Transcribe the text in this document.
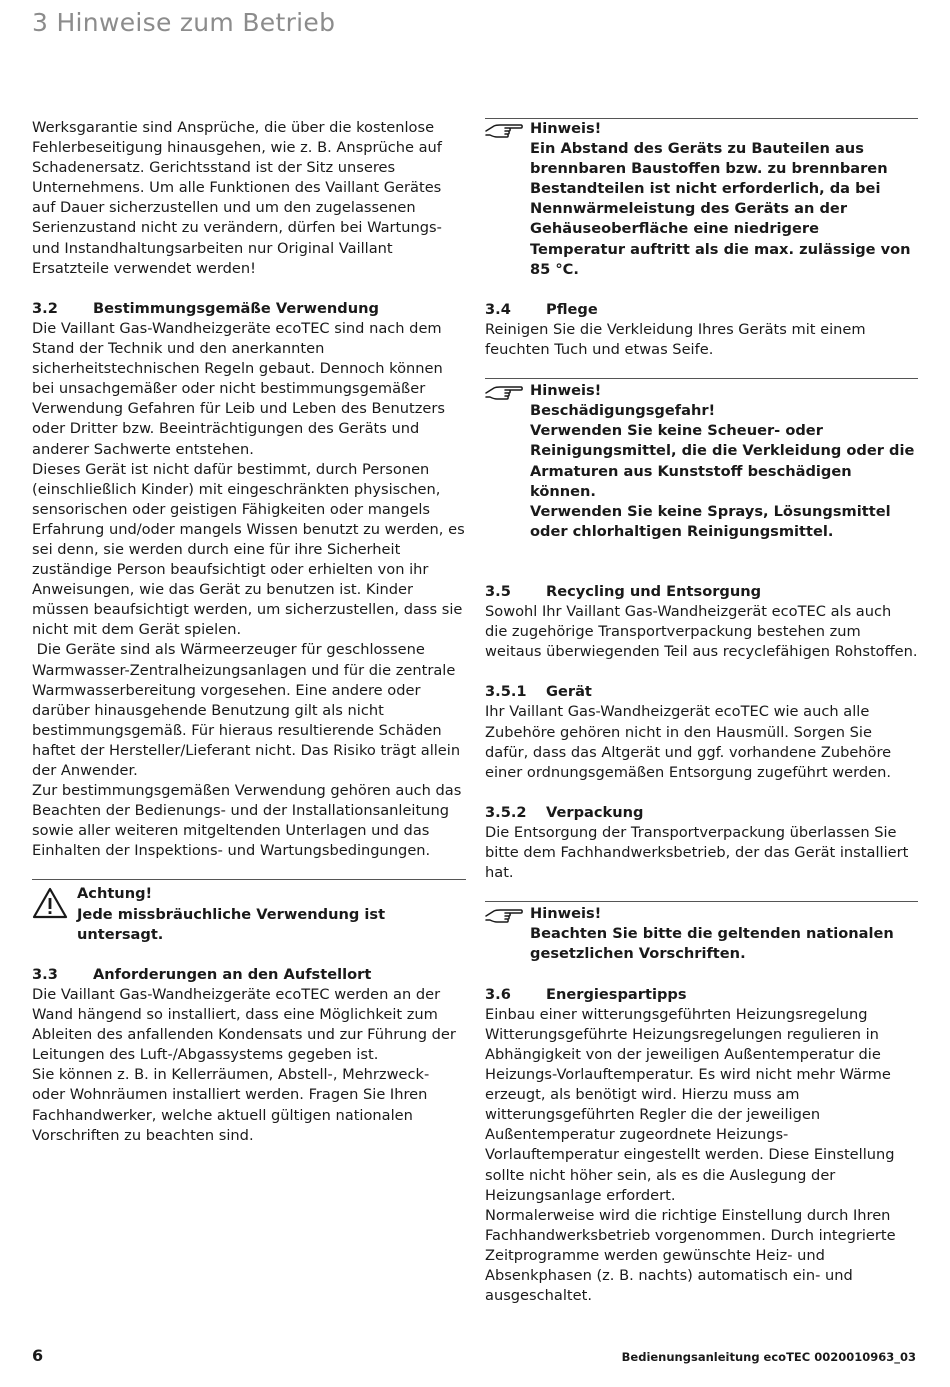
3 Hinweise zum Betrieb

Werksgarantie sind Ansprüche, die über die kostenlose Fehlerbeseitigung hinausgehen, wie z. B. Ansprüche auf Schadenersatz. Gerichtsstand ist der Sitz unseres Unternehmens. Um alle Funktionen des Vaillant Gerätes auf Dauer sicherzustellen und um den zugelassenen Serienzustand nicht zu verändern, dürfen bei Wartungs- und Instandhaltungsarbeiten nur Original Vaillant Ersatzteile verwendet werden!

3.2	Bestimmungsgemäße Verwendung

Die Vaillant Gas-Wandheizgeräte ecoTEC sind nach dem Stand der Technik und den anerkannten sicherheitstechnischen Regeln gebaut. Dennoch können bei unsachgemäßer oder nicht bestimmungsgemäßer Verwendung Gefahren für Leib und Leben des Benutzers oder Dritter bzw. Beeinträchtigungen des Geräts und anderer Sachwerte entstehen.

Dieses Gerät ist nicht dafür bestimmt, durch Personen (einschließlich Kinder) mit eingeschränkten physischen, sensorischen oder geistigen Fähigkeiten oder mangels Erfahrung und/oder mangels Wissen benutzt zu werden, es sei denn, sie werden durch eine für ihre Sicherheit zuständige Person beaufsichtigt oder erhielten von ihr Anweisungen, wie das Gerät zu benutzen ist. Kinder müssen beaufsichtigt werden, um sicherzustellen, dass sie nicht mit dem Gerät spielen.

Die Geräte sind als Wärmeerzeuger für geschlossene Warmwasser-Zentralheizungsanlagen und für die zentrale Warmwasserbereitung vorgesehen. Eine andere oder darüber hinausgehende Benutzung gilt als nicht bestimmungsgemäß. Für hieraus resultierende Schäden haftet der Hersteller/Lieferant nicht. Das Risiko trägt allein der Anwender.

Zur bestimmungsgemäßen Verwendung gehören auch das Beachten der Bedienungs- und der Installationsanleitung sowie aller weiteren mitgeltenden Unterlagen und das Einhalten der Inspektions- und Wartungsbedingungen.

Achtung!
Jede missbräuchliche Verwendung ist untersagt.
3.3	Anforderungen an den Aufstellort

Die Vaillant Gas-Wandheizgeräte ecoTEC werden an der Wand hängend so installiert, dass eine Möglichkeit zum Ableiten des anfallenden Kondensats und zur Führung der Leitungen des Luft-/Abgassystems gegeben ist.

Sie können z. B. in Kellerräumen, Abstell-, Mehrzweck- oder Wohnräumen installiert werden. Fragen Sie Ihren Fachhandwerker, welche aktuell gültigen nationalen Vorschriften zu beachten sind.

Hinweis!
Ein Abstand des Geräts zu Bauteilen aus brennbaren Baustoffen bzw. zu brennbaren Bestandteilen ist nicht erforderlich, da bei Nennwärmeleistung des Geräts an der Gehäuseoberfläche eine niedrigere Temperatur auftritt als die max. zulässige von 85 °C.
3.4	Pflege

Reinigen Sie die Verkleidung Ihres Geräts mit einem feuchten Tuch und etwas Seife.

Hinweis!
Beschädigungsgefahr!
Verwenden Sie keine Scheuer- oder Reinigungsmittel, die die Verkleidung oder die Armaturen aus Kunststoff beschädigen können.
Verwenden Sie keine Sprays, Lösungsmittel oder chlorhaltigen Reinigungsmittel.
3.5	Recycling und Entsorgung

Sowohl Ihr Vaillant Gas-Wandheizgerät ecoTEC als auch die zugehörige Transportverpackung bestehen zum weitaus überwiegenden Teil aus recyclefähigen Rohstoffen.

3.5.1	Gerät

Ihr Vaillant Gas-Wandheizgerät ecoTEC wie auch alle Zubehöre gehören nicht in den Hausmüll. Sorgen Sie dafür, dass das Altgerät und ggf. vorhandene Zubehöre einer ordnungsgemäßen Entsorgung zugeführt werden.

3.5.2	Verpackung

Die Entsorgung der Transportverpackung überlassen Sie bitte dem Fachhandwerksbetrieb, der das Gerät installiert hat.

Hinweis!
Beachten Sie bitte die geltenden nationalen gesetzlichen Vorschriften.
3.6	Energiespartipps

Einbau einer witterungsgeführten Heizungsregelung

Witterungsgeführte Heizungsregelungen regulieren in Abhängigkeit von der jeweiligen Außentemperatur die Heizungs-Vorlauftemperatur. Es wird nicht mehr Wärme erzeugt, als benötigt wird. Hierzu muss am witterungsgeführten Regler die der jeweiligen Außentemperatur zugeordnete Heizungs-Vorlauftemperatur eingestellt werden. Diese Einstellung sollte nicht höher sein, als es die Auslegung der Heizungsanlage erfordert.

Normalerweise wird die richtige Einstellung durch Ihren Fachhandwerksbetrieb vorgenommen. Durch integrierte Zeitprogramme werden gewünschte Heiz- und Absenkphasen (z. B. nachts) automatisch ein- und ausgeschaltet.

6	Bedienungsanleitung ecoTEC 0020010963_03
